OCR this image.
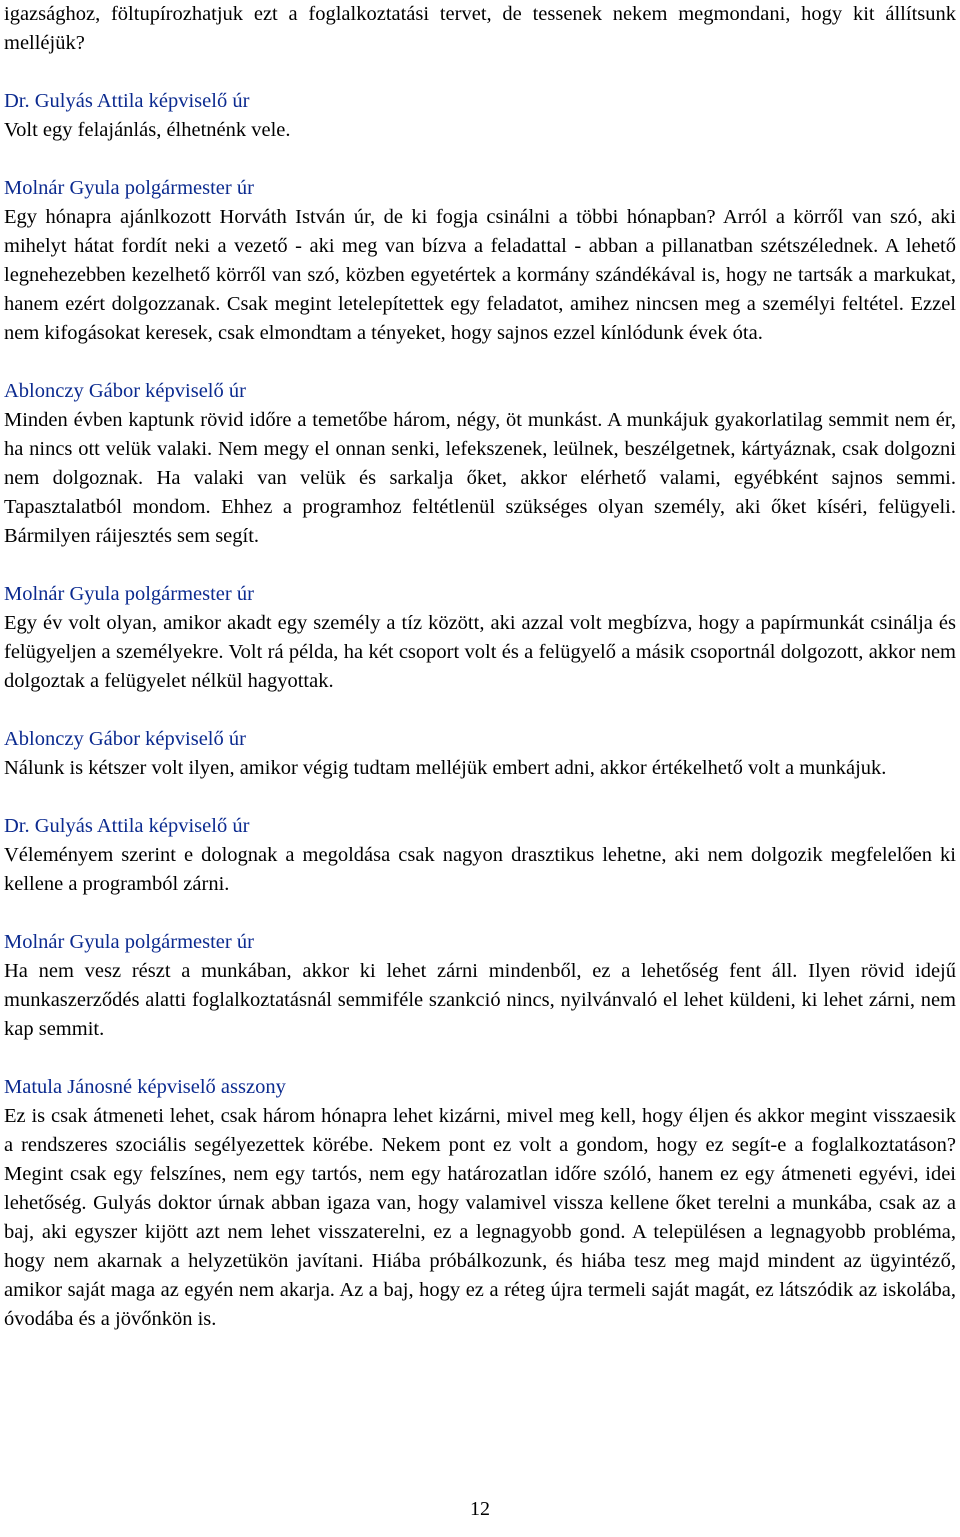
igazsághoz, föltupírozhatjuk ezt a foglalkoztatási tervet, de tessenek nekem megmondani, hogy kit állítsunk melléjük?

Dr. Gulyás Attila képviselő úr

Volt egy felajánlás, élhetnénk vele.

Molnár Gyula polgármester úr

Egy hónapra ajánlkozott Horváth István úr, de ki fogja csinálni a többi hónapban? Arról a körről van szó, aki mihelyt hátat fordít neki a vezető - aki meg van bízva a feladattal - abban a pillanatban szétszélednek. A lehető legnehezebben kezelhető körről van szó, közben egyetértek a kormány szándékával is, hogy ne tartsák a markukat, hanem ezért dolgozzanak. Csak megint letelepítettek egy feladatot, amihez nincsen meg a személyi feltétel. Ezzel nem kifogásokat keresek, csak elmondtam a tényeket, hogy sajnos ezzel kínlódunk évek óta.

Ablonczy Gábor képviselő úr

Minden évben kaptunk rövid időre a temetőbe három, négy, öt munkást. A munkájuk gyakorlatilag semmit nem ér, ha nincs ott velük valaki. Nem megy el onnan senki, lefekszenek, leülnek, beszélgetnek, kártyáznak, csak dolgozni nem dolgoznak. Ha valaki van velük és sarkalja őket, akkor elérhető valami, egyébként sajnos semmi. Tapasztalatból mondom. Ehhez a programhoz feltétlenül szükséges olyan személy, aki őket kíséri, felügyeli. Bármilyen ráijesztés sem segít.

Molnár Gyula polgármester úr

Egy év volt olyan, amikor akadt egy személy a tíz között, aki azzal volt megbízva, hogy a papírmunkát csinálja és felügyeljen a személyekre. Volt rá példa, ha két csoport volt és a felügyelő a másik csoportnál dolgozott, akkor nem dolgoztak a felügyelet nélkül hagyottak.

Ablonczy Gábor képviselő úr

Nálunk is kétszer volt ilyen, amikor végig tudtam melléjük embert adni, akkor értékelhető volt a munkájuk.

Dr. Gulyás Attila képviselő úr

Véleményem szerint e dolognak a megoldása csak nagyon drasztikus lehetne, aki nem dolgozik megfelelően ki kellene a programból zárni.

Molnár Gyula polgármester úr

Ha nem vesz részt a munkában, akkor ki lehet zárni mindenből, ez a lehetőség fent áll. Ilyen rövid idejű munkaszerződés alatti foglalkoztatásnál semmiféle szankció nincs, nyilvánvaló el lehet küldeni, ki lehet zárni, nem kap semmit.

Matula Jánosné képviselő asszony

Ez is csak átmeneti lehet, csak három hónapra lehet kizárni, mivel meg kell, hogy éljen és akkor megint visszaesik a rendszeres szociális segélyezettek körébe. Nekem pont ez volt a gondom, hogy ez segít-e a foglalkoztatáson? Megint csak egy felszínes, nem egy tartós, nem egy határozatlan időre szóló, hanem ez egy átmeneti egyévi, idei lehetőség. Gulyás doktor úrnak abban igaza van, hogy valamivel vissza kellene őket terelni a munkába, csak az a baj, aki egyszer kijött azt nem lehet visszaterelni, ez a legnagyobb gond. A településen a legnagyobb probléma, hogy nem akarnak a helyzetükön javítani. Hiába próbálkozunk, és hiába tesz meg majd mindent az ügyintéző, amikor saját maga az egyén nem akarja. Az a baj, hogy ez a réteg újra termeli saját magát, ez látszódik az iskolába, óvodába és a jövőnkön is.

12
